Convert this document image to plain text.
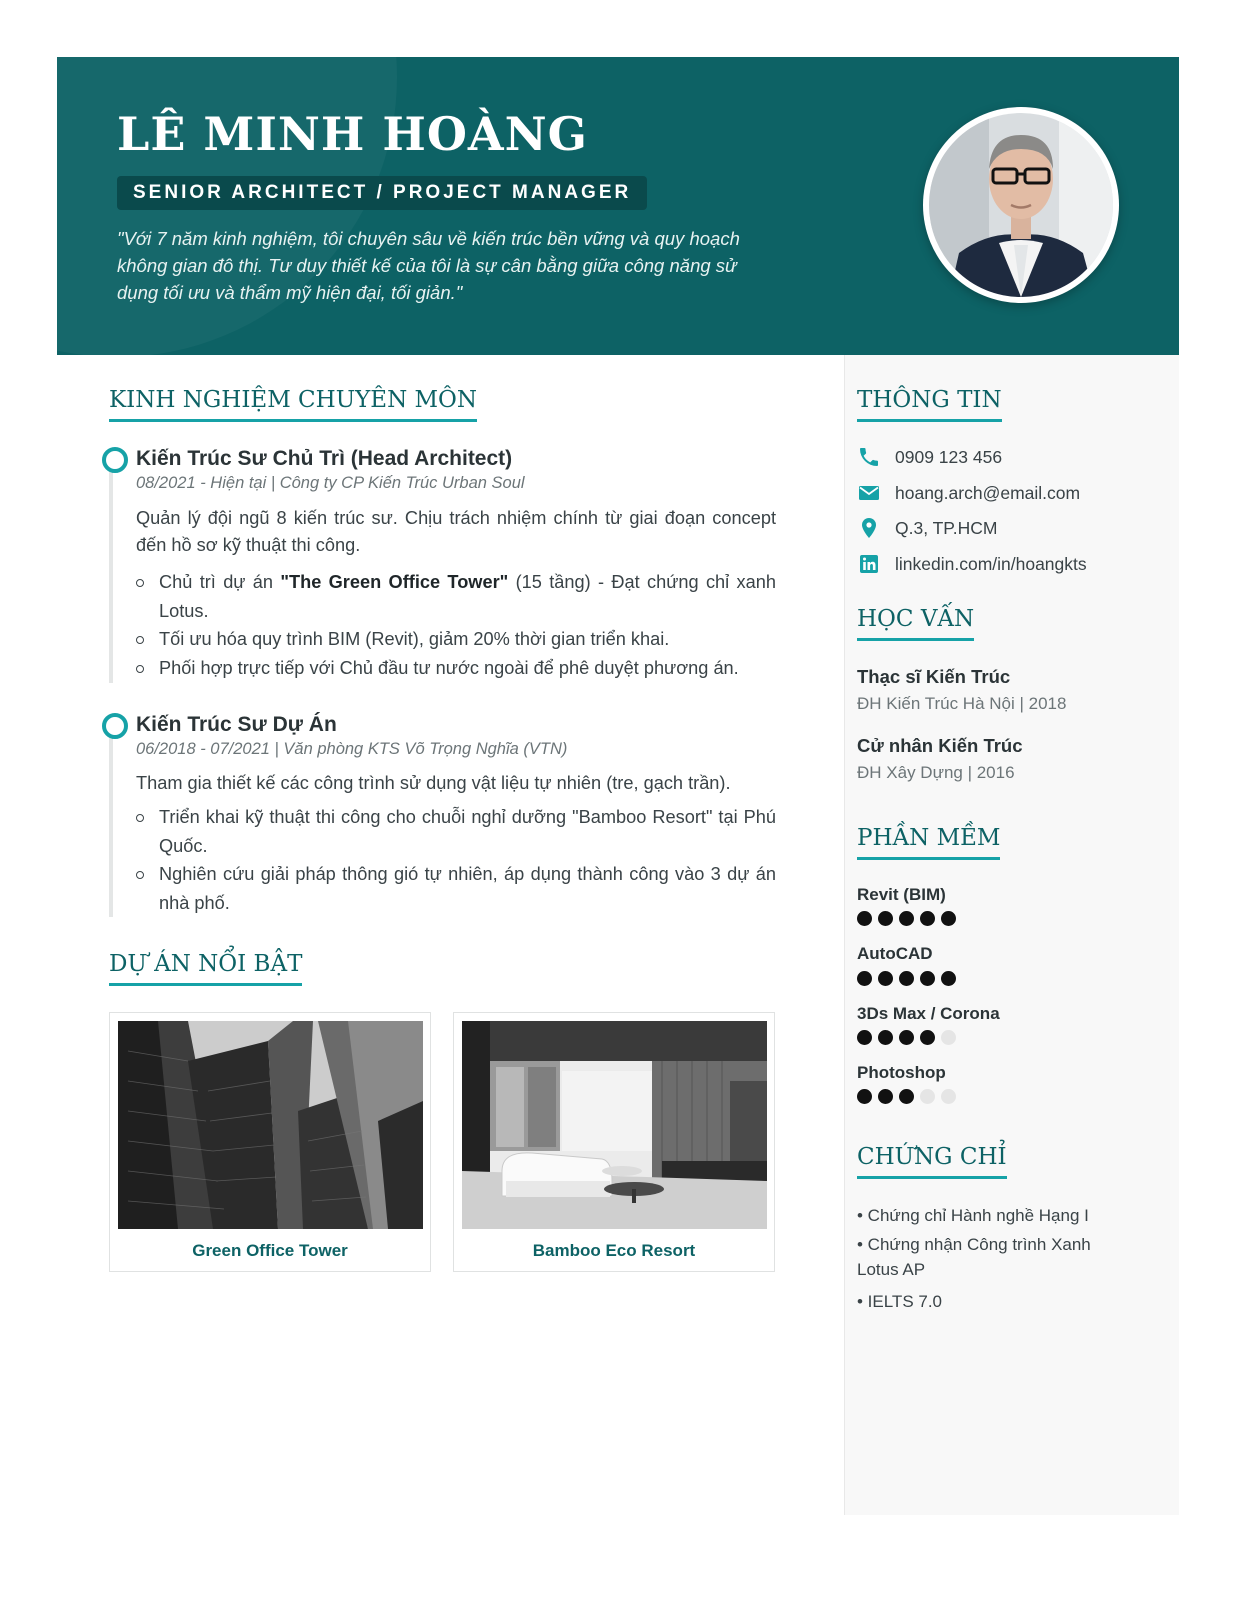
LÊ MINH HOÀNG
SENIOR ARCHITECT / PROJECT MANAGER
"Với 7 năm kinh nghiệm, tôi chuyên sâu về kiến trúc bền vững và quy hoạch không gian đô thị. Tư duy thiết kế của tôi là sự cân bằng giữa công năng sử dụng tối ưu và thẩm mỹ hiện đại, tối giản."
KINH NGHIỆM CHUYÊN MÔN
Kiến Trúc Sư Chủ Trì (Head Architect)
08/2021 - Hiện tại | Công ty CP Kiến Trúc Urban Soul
Quản lý đội ngũ 8 kiến trúc sư. Chịu trách nhiệm chính từ giai đoạn concept đến hồ sơ kỹ thuật thi công.
Chủ trì dự án "The Green Office Tower" (15 tầng) - Đạt chứng chỉ xanh Lotus.
Tối ưu hóa quy trình BIM (Revit), giảm 20% thời gian triển khai.
Phối hợp trực tiếp với Chủ đầu tư nước ngoài để phê duyệt phương án.
Kiến Trúc Sư Dự Án
06/2018 - 07/2021 | Văn phòng KTS Võ Trọng Nghĩa (VTN)
Tham gia thiết kế các công trình sử dụng vật liệu tự nhiên (tre, gạch trần).
Triển khai kỹ thuật thi công cho chuỗi nghỉ dưỡng "Bamboo Resort" tại Phú Quốc.
Nghiên cứu giải pháp thông gió tự nhiên, áp dụng thành công vào 3 dự án nhà phố.
DỰ ÁN NỔI BẬT
Green Office Tower	Bamboo Eco Resort
THÔNG TIN
0909 123 456
hoang.arch@email.com
Q.3, TP.HCM
linkedin.com/in/hoangkts
HỌC VẤN
Thạc sĩ Kiến Trúc
ĐH Kiến Trúc Hà Nội | 2018
Cử nhân Kiến Trúc
ĐH Xây Dựng | 2016
PHẦN MỀM
Revit (BIM)
AutoCAD
3Ds Max / Corona
Photoshop
CHỨNG CHỈ
• Chứng chỉ Hành nghề Hạng I
• Chứng nhận Công trình Xanh Lotus AP
• IELTS 7.0
